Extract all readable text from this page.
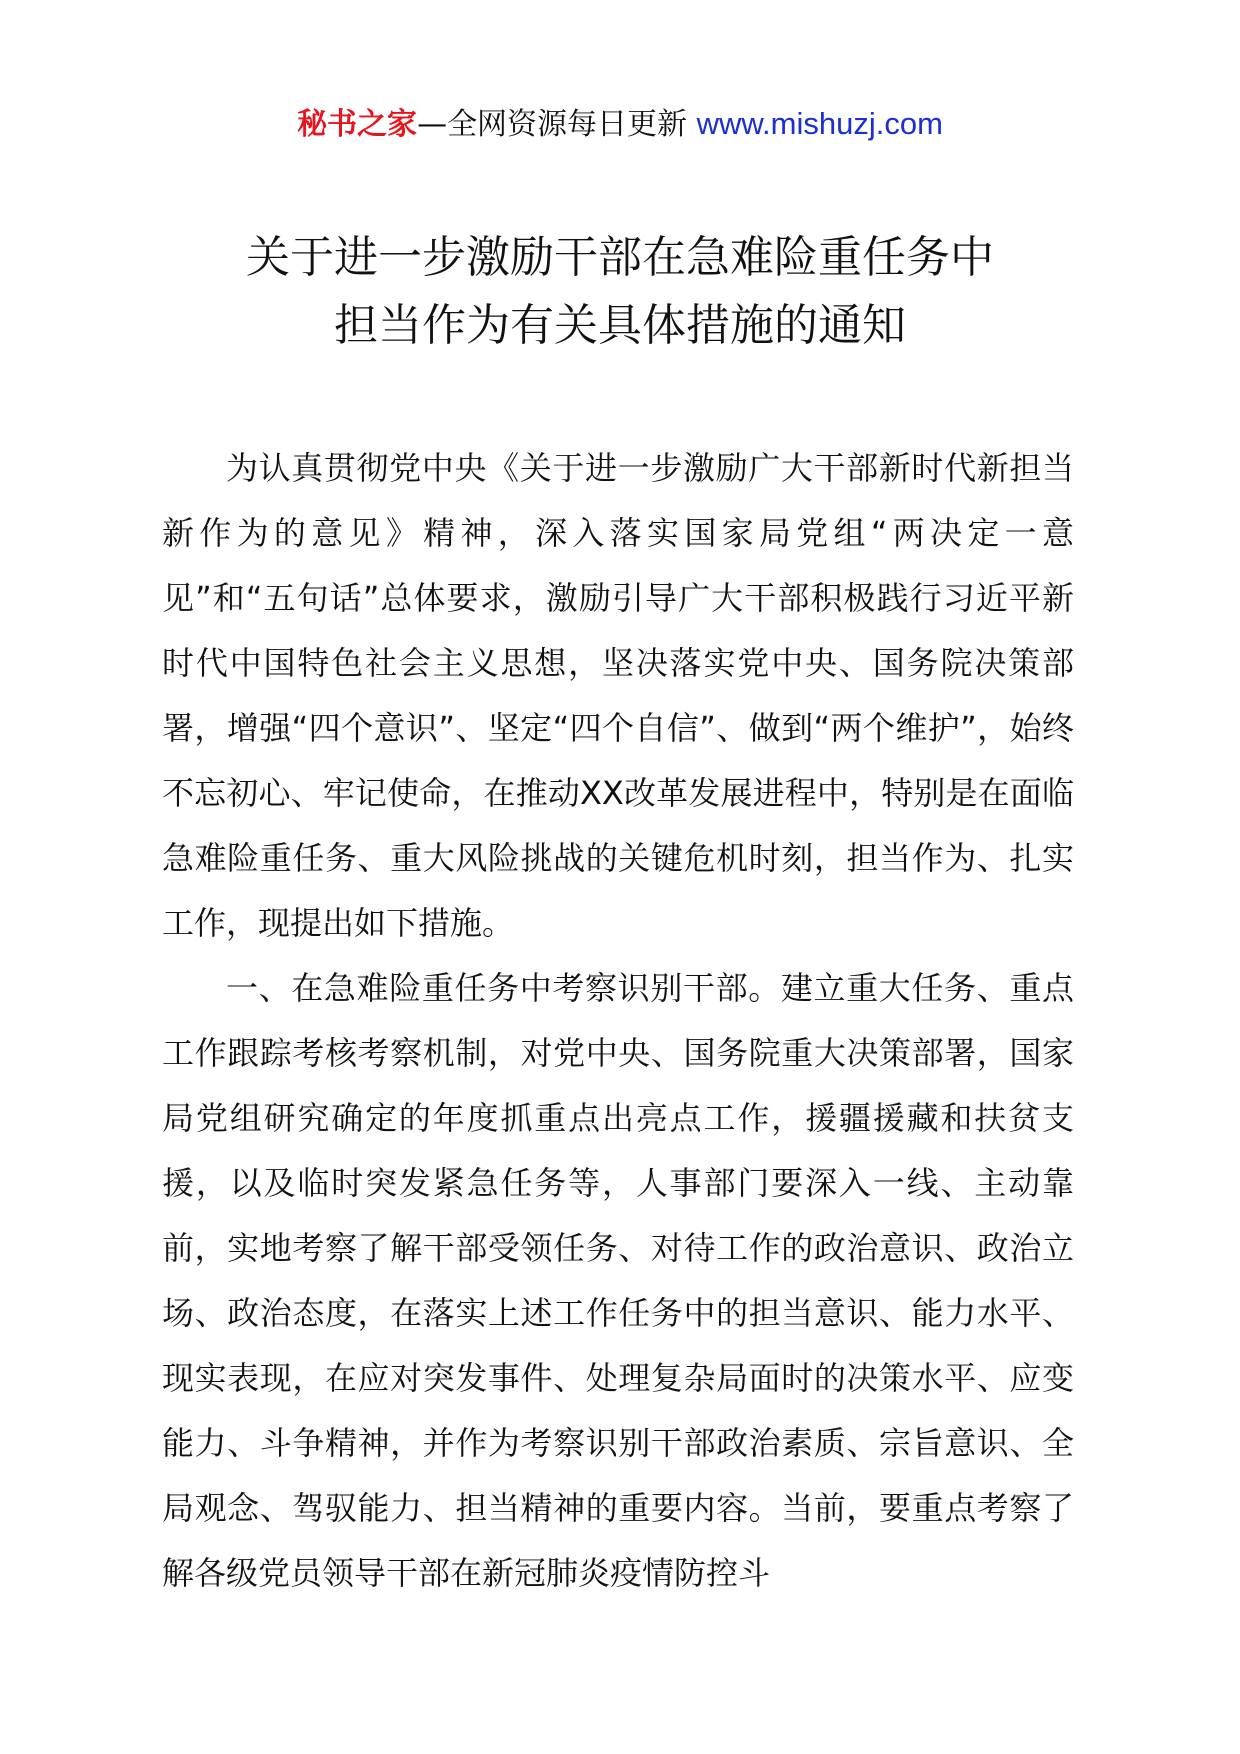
秘书之家—全网资源每日更新 www.mishuzj.com
关于进一步激励干部在急难险重任务中
担当作为有关具体措施的通知

为认真贯彻党中央《关于进一步激励广大干部新时代新担当新作为的意见》精神，深入落实国家局党组“两决定一意见”和“五句话”总体要求，激励引导广大干部积极践行习近平新时代中国特色社会主义思想，坚决落实党中央、国务院决策部署，增强“四个意识”、坚定“四个自信”、做到“两个维护”，始终不忘初心、牢记使命，在推动XX改革发展进程中，特别是在面临急难险重任务、重大风险挑战的关键危机时刻，担当作为、扎实工作，现提出如下措施。

一、在急难险重任务中考察识别干部。建立重大任务、重点工作跟踪考核考察机制，对党中央、国务院重大决策部署，国家局党组研究确定的年度抓重点出亮点工作，援疆援藏和扶贫支援，以及临时突发紧急任务等，人事部门要深入一线、主动靠前，实地考察了解干部受领任务、对待工作的政治意识、政治立场、政治态度，在落实上述工作任务中的担当意识、能力水平、现实表现，在应对突发事件、处理复杂局面时的决策水平、应变能力、斗争精神，并作为考察识别干部政治素质、宗旨意识、全局观念、驾驭能力、担当精神的重要内容。当前，要重点考察了解各级党员领导干部在新冠肺炎疫情防控斗
